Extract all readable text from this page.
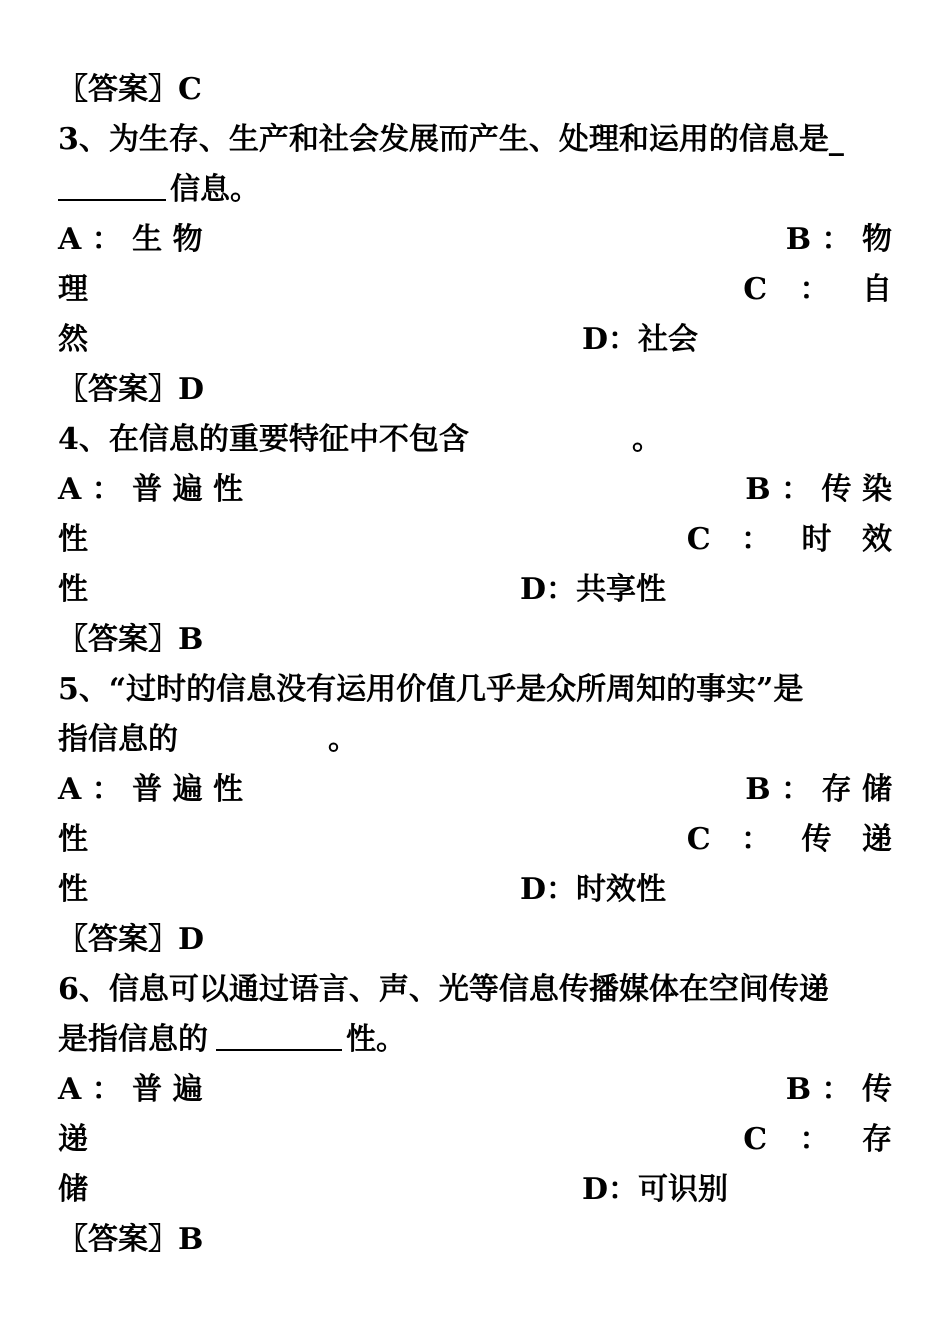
〖答案〗C
3、为生存、生产和社会发展而产生、处理和运用的信息是_
信息。
A ： 生 物	B ： 物
理	C ： 自
然	D：社会
〖答案〗D
4、在信息的重要特征中不包含	。
A ： 普 遍 性	B ： 传 染
性	C ： 时 效
性	D：共享性
〖答案〗B
5、“过时的信息没有运用价值几乎是众所周知的事实”是
指信息的	。
A ： 普 遍 性	B ： 存 储
性	C ： 传 递
性	D：时效性
〖答案〗D
6、信息可以通过语言、声、光等信息传播媒体在空间传递
是指信息的	性。
A ： 普 遍	B ： 传
递	C ： 存
储	D：可识别
〖答案〗B
